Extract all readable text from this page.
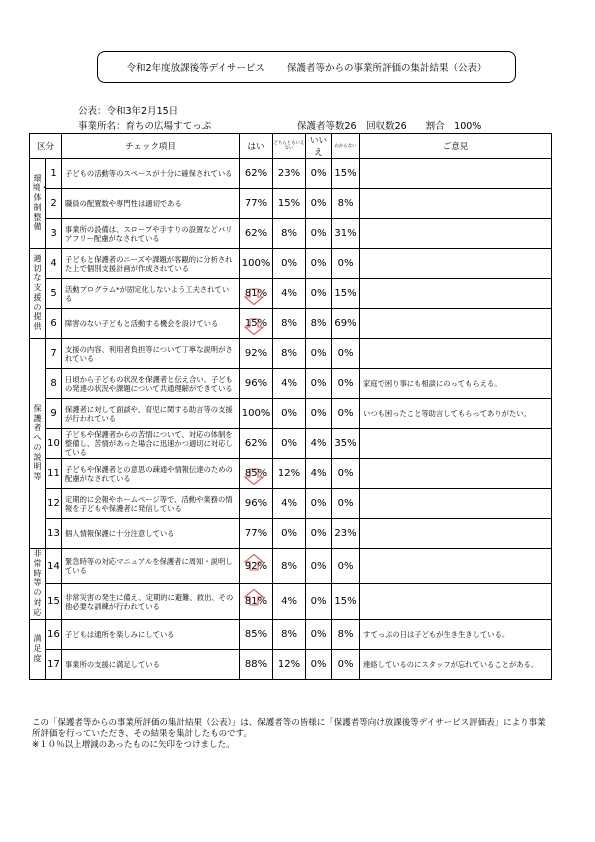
令和2年度放課後等デイサービス 保護者等からの事業所評価の集計結果（公表）
公表：令和3年2月15日
事業所名：育ちの広場すてっぷ	保護者等数26　回収数26　　割合　100%
区分		チェック項目	はい	どちらともいえない	いいえ	わからない	ご意見
環境・体制整備	1	子どもの活動等のスペースが十分に確保されている	62%	23%	0%	15%	
	2	職員の配置数や専門性は適切である	77%	15%	0%	8%	
	3	事業所の設備は、スロープや手すりの設置などバリアフリー配慮がなされている	62%	8%	0%	31%	
適切な支援の提供	4	子どもと保護者のニーズや課題が客観的に分析された上で個別支援計画が作成されている	100%	0%	0%	0%	
	5	活動プログラム*が固定化しないよう工夫されている	81%	4%	0%	15%	
	6	障害のない子どもと活動する機会を設けている	15%	8%	8%	69%	
保護者への説明等	7	支援の内容、利用者負担等について丁寧な説明がされている	92%	8%	0%	0%	
	8	日頃から子どもの状況を保護者と伝え合い、子どもの発達の状況や課題について共通理解ができている	96%	4%	0%	0%	家庭で困り事にも相談にのってもらえる。
	9	保護者に対して面談や、育児に関する助言等の支援が行われている	100%	0%	0%	0%	いつも困ったこと等助言してもらってありがたい。
	10	子どもや保護者からの苦情について、対応の体制を整備し、苦情があった場合に迅速かつ適切に対応している	62%	0%	4%	35%	
	11	子どもや保護者との意思の疎通や情報伝達のための配慮がなされている	85%	12%	4%	0%	
	12	定期的に会報やホームページ等で、活動や業務の情報を子どもや保護者に発信している	96%	4%	0%	0%	
	13	個人情報保護に十分注意している	77%	0%	0%	23%	
非常時等の対応	14	緊急時等の対応マニュアルを保護者に周知・説明している	92%	8%	0%	0%	
	15	非常災害の発生に備え、定期的に避難、救出、その他必要な訓練が行われている	81%	4%	0%	15%	
満足度	16	子どもは通所を楽しみにしている	85%	8%	0%	8%	すてっぷの日は子どもが生き生きしている。
	17	事業所の支援に満足している	88%	12%	0%	0%	連絡しているのにスタッフが忘れていることがある。
この「保護者等からの事業所評価の集計結果（公表）」は、保護者等の皆様に「保護者等向け放課後等デイサービス評価表」により事業所評価を行っていただき、その結果を集計したものです。
※１０％以上増減のあったものに矢印をつけました。
